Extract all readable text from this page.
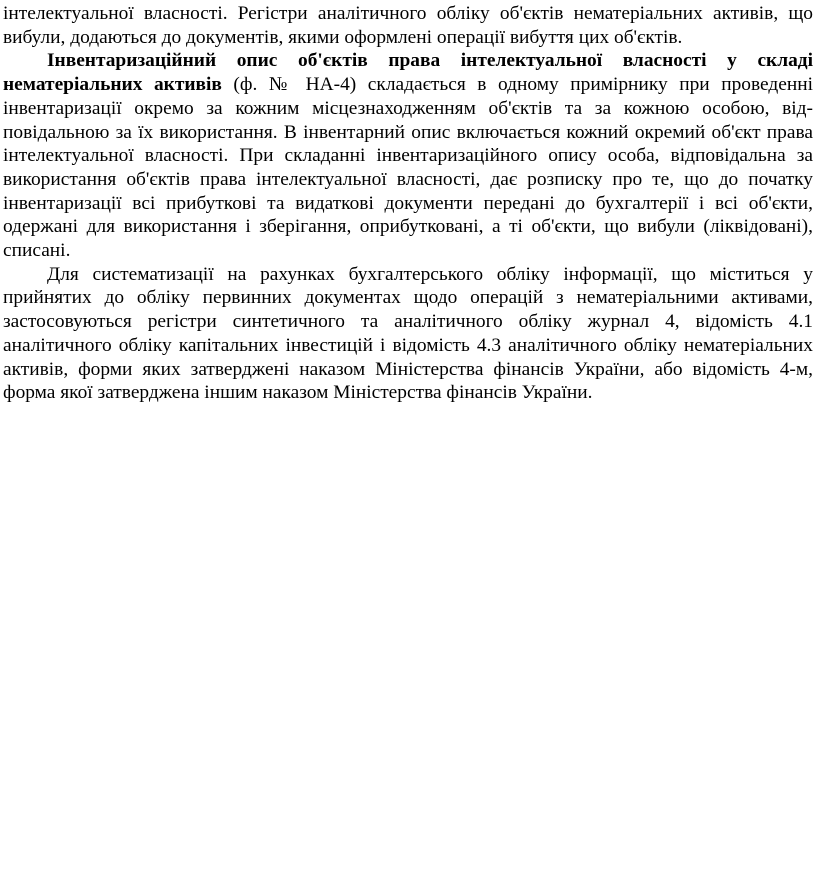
інтелектуальної власності. Регістри аналітичного обліку об'єктів нематеріальних активів, що вибули, додаються до документів, якими оформлені операції вибуття цих об'єктів.

Інвентаризаційний опис об'єктів права інтелектуальної власності у складі нематеріальних активів (ф. № НА-4) складається в одному примірнику при проведенні інвентаризації окремо за кожним місцезнаходженням об'єктів та за кожною особою, від-повідальною за їх використання. В інвентарний опис включається кожний окремий об'єкт права інтелектуальної власності. При складанні інвентаризаційного опису особа, відповідальна за використання об'єктів права інтелектуальної власності, дає розписку про те, що до початку інвентаризації всі прибуткові та видаткові документи передані до бухгалтерії і всі об'єкти, одержані для використання і зберігання, оприбутковані, а ті об'єкти, що вибули (ліквідовані), списані.

Для систематизації на рахунках бухгалтерського обліку інформації, що міститься у прийнятих до обліку первинних документах щодо операцій з нематеріальними активами, застосовуються регістри синтетичного та аналітичного обліку журнал 4, відомість 4.1 аналітичного обліку капітальних інвестицій і відомість 4.3 аналітичного обліку нематеріальних активів, форми яких затверджені наказом Міністерства фінансів України, або відомість 4-м, форма якої затверджена іншим наказом Міністерства фінансів України.
